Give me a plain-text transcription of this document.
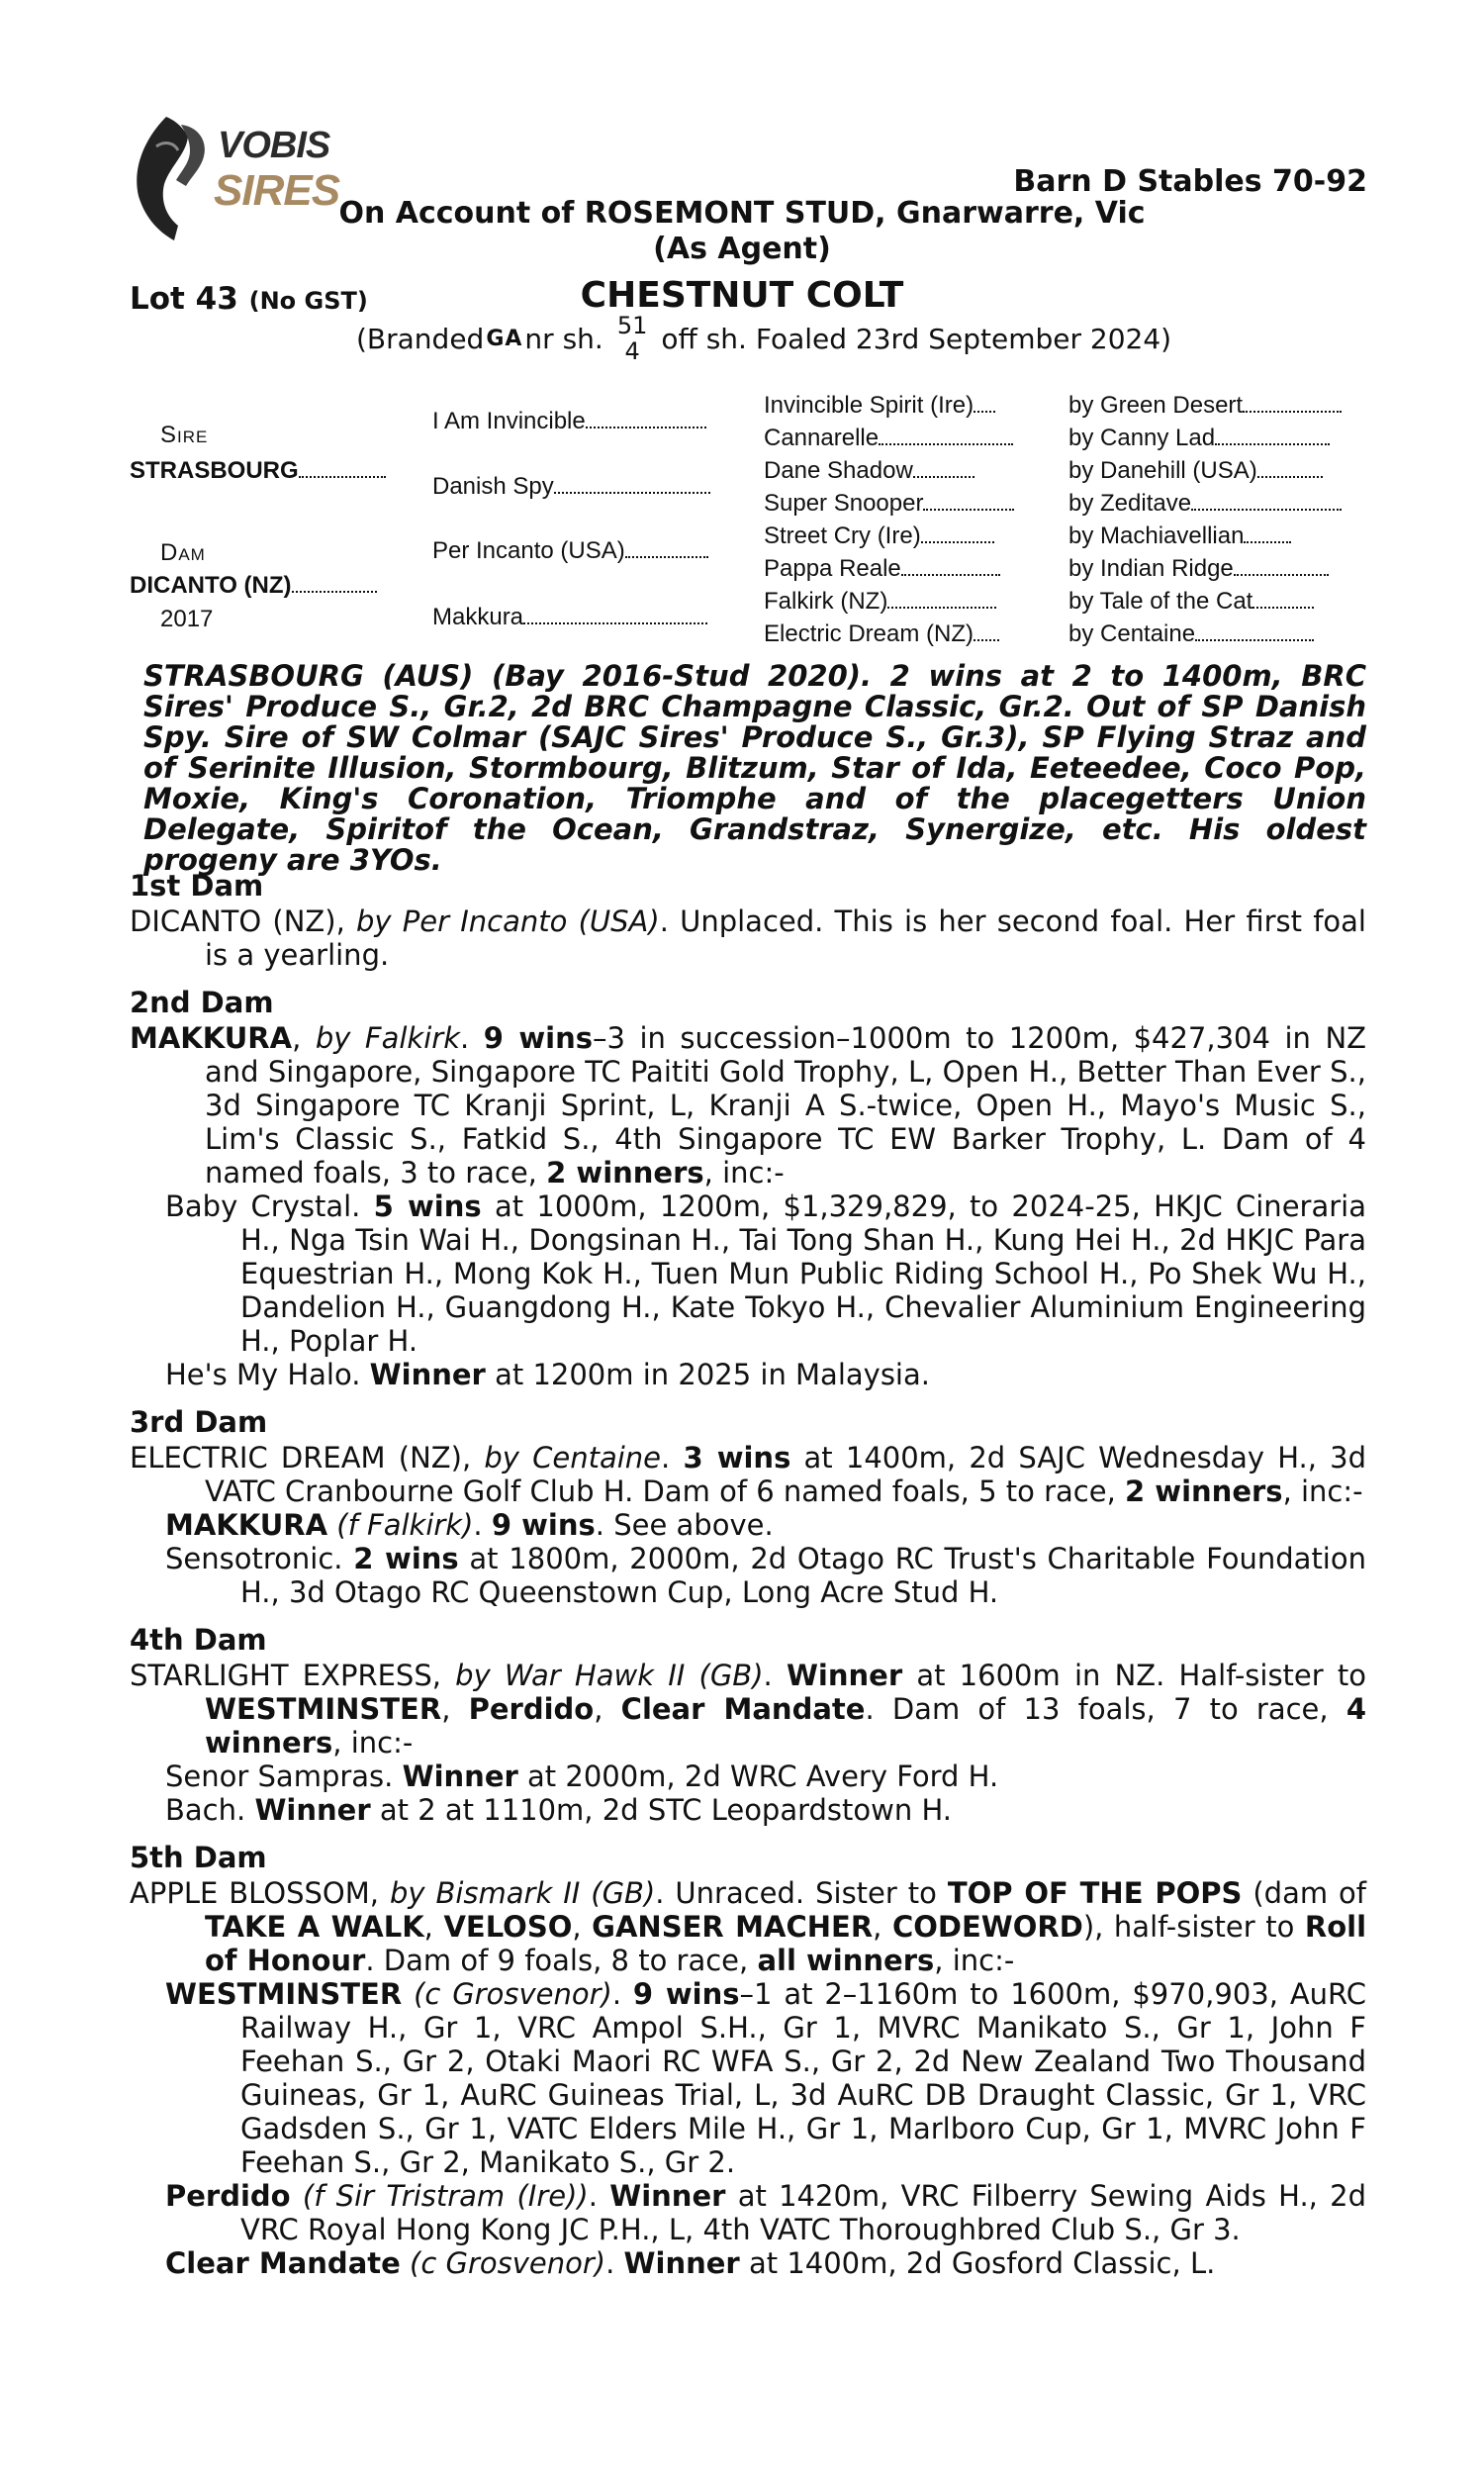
VOBIS
SIRES	Barn D Stables 70-92
On Account of ROSEMONT STUD, Gnarwarre, Vic
(As Agent)
Lot 43 (No GST)	CHESTNUT COLT
(Branded GA nr sh. 51
4 off sh. Foaled 23rd September 2024)
Sire
STRASBOURG
Dam
DICANTO (NZ)
2017
I Am Invincible
Danish Spy
Per Incanto (USA)
Makkura
Invincible Spirit (Ire)
Cannarelle
Dane Shadow
Super Snooper
Street Cry (Ire)
Pappa Reale
Falkirk (NZ)
Electric Dream (NZ)
by Green Desert
by Canny Lad
by Danehill (USA)
by Zeditave
by Machiavellian
by Indian Ridge
by Tale of the Cat
by Centaine
STRASBOURG (AUS) (Bay 2016-Stud 2020). 2 wins at 2 to 1400m, BRC Sires' Produce S., Gr.2, 2d BRC Champagne Classic, Gr.2. Out of SP Danish Spy. Sire of SW Colmar (SAJC Sires' Produce S., Gr.3), SP Flying Straz and of Serinite Illusion, Stormbourg, Blitzum, Star of Ida, Eeteedee, Coco Pop, Moxie, King's Coronation, Triomphe and of the placegetters Union Delegate, Spiritof the Ocean, Grandstraz, Synergize, etc. His oldest progeny are 3YOs.
1st Dam

DICANTO (NZ), by Per Incanto (USA). Unplaced. This is her second foal. Her first foal is a yearling.

2nd Dam

MAKKURA, by Falkirk. 9 wins–3 in succession–1000m to 1200m, $427,304 in NZ and Singapore, Singapore TC Paititi Gold Trophy, L, Open H., Better Than Ever S., 3d Singapore TC Kranji Sprint, L, Kranji A S.-twice, Open H., Mayo's Music S., Lim's Classic S., Fatkid S., 4th Singapore TC EW Barker Trophy, L. Dam of 4 named foals, 3 to race, 2 winners, inc:-

Baby Crystal. 5 wins at 1000m, 1200m, $1,329,829, to 2024-25, HKJC Cineraria H., Nga Tsin Wai H., Dongsinan H., Tai Tong Shan H., Kung Hei H., 2d HKJC Para Equestrian H., Mong Kok H., Tuen Mun Public Riding School H., Po Shek Wu H., Dandelion H., Guangdong H., Kate Tokyo H., Chevalier Aluminium Engineering H., Poplar H.

He's My Halo. Winner at 1200m in 2025 in Malaysia.

3rd Dam

ELECTRIC DREAM (NZ), by Centaine. 3 wins at 1400m, 2d SAJC Wednesday H., 3d VATC Cranbourne Golf Club H. Dam of 6 named foals, 5 to race, 2 winners, inc:-

MAKKURA (f Falkirk). 9 wins. See above.

Sensotronic. 2 wins at 1800m, 2000m, 2d Otago RC Trust's Charitable Foundation H., 3d Otago RC Queenstown Cup, Long Acre Stud H.

4th Dam

STARLIGHT EXPRESS, by War Hawk II (GB). Winner at 1600m in NZ. Half-sister to WESTMINSTER, Perdido, Clear Mandate. Dam of 13 foals, 7 to race, 4 winners, inc:-

Senor Sampras. Winner at 2000m, 2d WRC Avery Ford H.

Bach. Winner at 2 at 1110m, 2d STC Leopardstown H.

5th Dam

APPLE BLOSSOM, by Bismark II (GB). Unraced. Sister to TOP OF THE POPS (dam of TAKE A WALK, VELOSO, GANSER MACHER, CODEWORD), half-sister to Roll of Honour. Dam of 9 foals, 8 to race, all winners, inc:-

WESTMINSTER (c Grosvenor). 9 wins–1 at 2–1160m to 1600m, $970,903, AuRC Railway H., Gr 1, VRC Ampol S.H., Gr 1, MVRC Manikato S., Gr 1, John F Feehan S., Gr 2, Otaki Maori RC WFA S., Gr 2, 2d New Zealand Two Thousand Guineas, Gr 1, AuRC Guineas Trial, L, 3d AuRC DB Draught Classic, Gr 1, VRC Gadsden S., Gr 1, VATC Elders Mile H., Gr 1, Marlboro Cup, Gr 1, MVRC John F Feehan S., Gr 2, Manikato S., Gr 2.

Perdido (f Sir Tristram (Ire)). Winner at 1420m, VRC Filberry Sewing Aids H., 2d VRC Royal Hong Kong JC P.H., L, 4th VATC Thoroughbred Club S., Gr 3.

Clear Mandate (c Grosvenor). Winner at 1400m, 2d Gosford Classic, L.
